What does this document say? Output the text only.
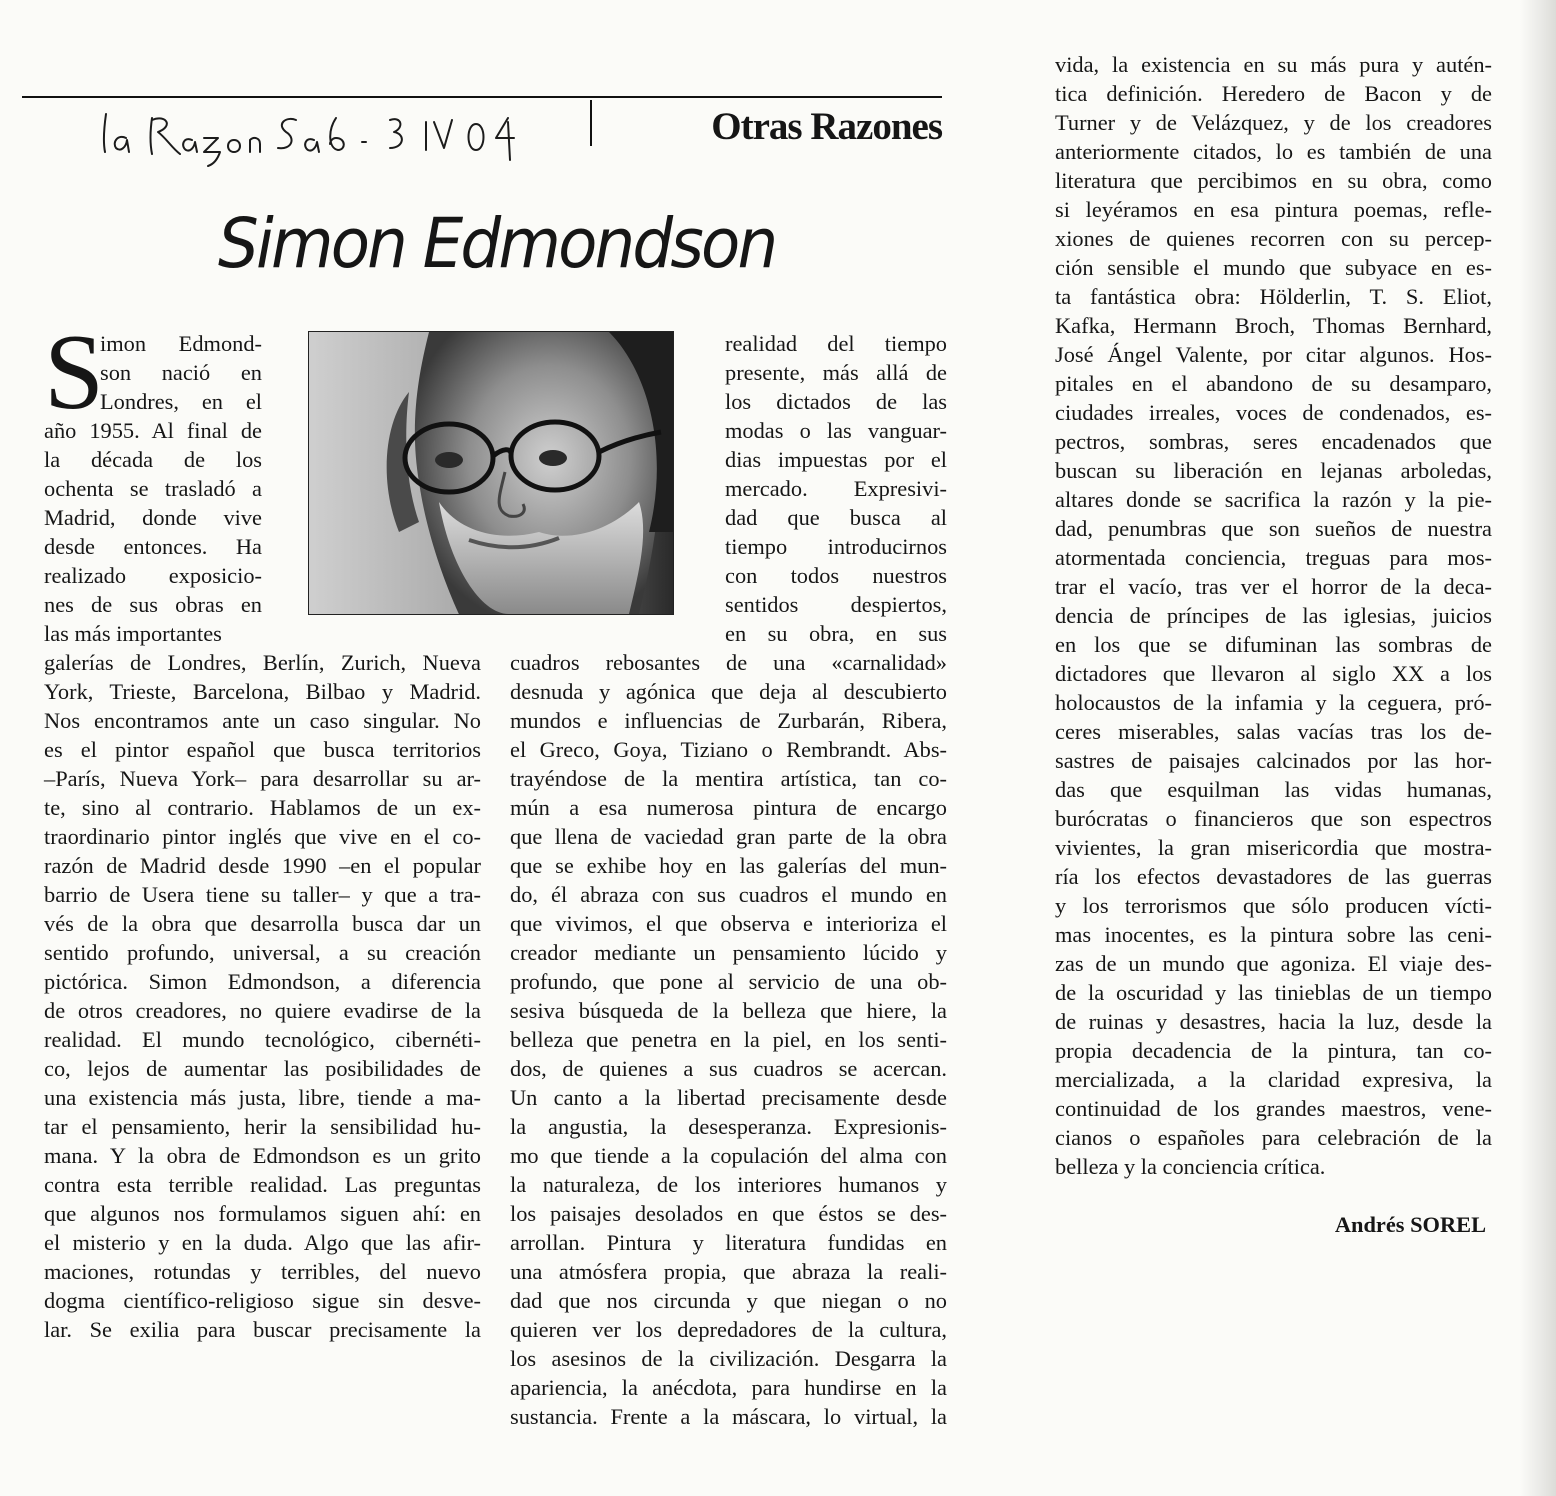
Otras Razones
Simon Edmondson
S
imon Edmond-
son nació en
Londres, en el
año 1955. Al final de
la década de los
ochenta se trasladó a
Madrid, donde vive
desde entonces. Ha
realizado exposicio-
nes de sus obras en
las más importantes
galerías de Londres, Berlín, Zurich, Nueva
York, Trieste, Barcelona, Bilbao y Madrid.
Nos encontramos ante un caso singular. No
es el pintor español que busca territorios
–París, Nueva York– para desarrollar su ar-
te, sino al contrario. Hablamos de un ex-
traordinario pintor inglés que vive en el co-
razón de Madrid desde 1990 –en el popular
barrio de Usera tiene su taller– y que a tra-
vés de la obra que desarrolla busca dar un
sentido profundo, universal, a su creación
pictórica. Simon Edmondson, a diferencia
de otros creadores, no quiere evadirse de la
realidad. El mundo tecnológico, cibernéti-
co, lejos de aumentar las posibilidades de
una existencia más justa, libre, tiende a ma-
tar el pensamiento, herir la sensibilidad hu-
mana. Y la obra de Edmondson es un grito
contra esta terrible realidad. Las preguntas
que algunos nos formulamos siguen ahí: en
el misterio y en la duda. Algo que las afir-
maciones, rotundas y terribles, del nuevo
dogma científico-religioso sigue sin desve-
lar. Se exilia para buscar precisamente la
realidad del tiempo
presente, más allá de
los dictados de las
modas o las vanguar-
dias impuestas por el
mercado. Expresivi-
dad que busca al
tiempo introducirnos
con todos nuestros
sentidos despiertos,
en su obra, en sus
cuadros rebosantes de una «carnalidad»
desnuda y agónica que deja al descubierto
mundos e influencias de Zurbarán, Ribera,
el Greco, Goya, Tiziano o Rembrandt. Abs-
trayéndose de la mentira artística, tan co-
mún a esa numerosa pintura de encargo
que llena de vaciedad gran parte de la obra
que se exhibe hoy en las galerías del mun-
do, él abraza con sus cuadros el mundo en
que vivimos, el que observa e interioriza el
creador mediante un pensamiento lúcido y
profundo, que pone al servicio de una ob-
sesiva búsqueda de la belleza que hiere, la
belleza que penetra en la piel, en los senti-
dos, de quienes a sus cuadros se acercan.
Un canto a la libertad precisamente desde
la angustia, la desesperanza. Expresionis-
mo que tiende a la copulación del alma con
la naturaleza, de los interiores humanos y
los paisajes desolados en que éstos se des-
arrollan. Pintura y literatura fundidas en
una atmósfera propia, que abraza la reali-
dad que nos circunda y que niegan o no
quieren ver los depredadores de la cultura,
los asesinos de la civilización. Desgarra la
apariencia, la anécdota, para hundirse en la
sustancia. Frente a la máscara, lo virtual, la
vida, la existencia en su más pura y autén-
tica definición. Heredero de Bacon y de
Turner y de Velázquez, y de los creadores
anteriormente citados, lo es también de una
literatura que percibimos en su obra, como
si leyéramos en esa pintura poemas, refle-
xiones de quienes recorren con su percep-
ción sensible el mundo que subyace en es-
ta fantástica obra: Hölderlin, T. S. Eliot,
Kafka, Hermann Broch, Thomas Bernhard,
José Ángel Valente, por citar algunos. Hos-
pitales en el abandono de su desamparo,
ciudades irreales, voces de condenados, es-
pectros, sombras, seres encadenados que
buscan su liberación en lejanas arboledas,
altares donde se sacrifica la razón y la pie-
dad, penumbras que son sueños de nuestra
atormentada conciencia, treguas para mos-
trar el vacío, tras ver el horror de la deca-
dencia de príncipes de las iglesias, juicios
en los que se difuminan las sombras de
dictadores que llevaron al siglo XX a los
holocaustos de la infamia y la ceguera, pró-
ceres miserables, salas vacías tras los de-
sastres de paisajes calcinados por las hor-
das que esquilman las vidas humanas,
burócratas o financieros que son espectros
vivientes, la gran misericordia que mostra-
ría los efectos devastadores de las guerras
y los terrorismos que sólo producen vícti-
mas inocentes, es la pintura sobre las ceni-
zas de un mundo que agoniza. El viaje des-
de la oscuridad y las tinieblas de un tiempo
de ruinas y desastres, hacia la luz, desde la
propia decadencia de la pintura, tan co-
mercializada, a la claridad expresiva, la
continuidad de los grandes maestros, vene-
cianos o españoles para celebración de la
belleza y la conciencia crítica.
Andrés SOREL
